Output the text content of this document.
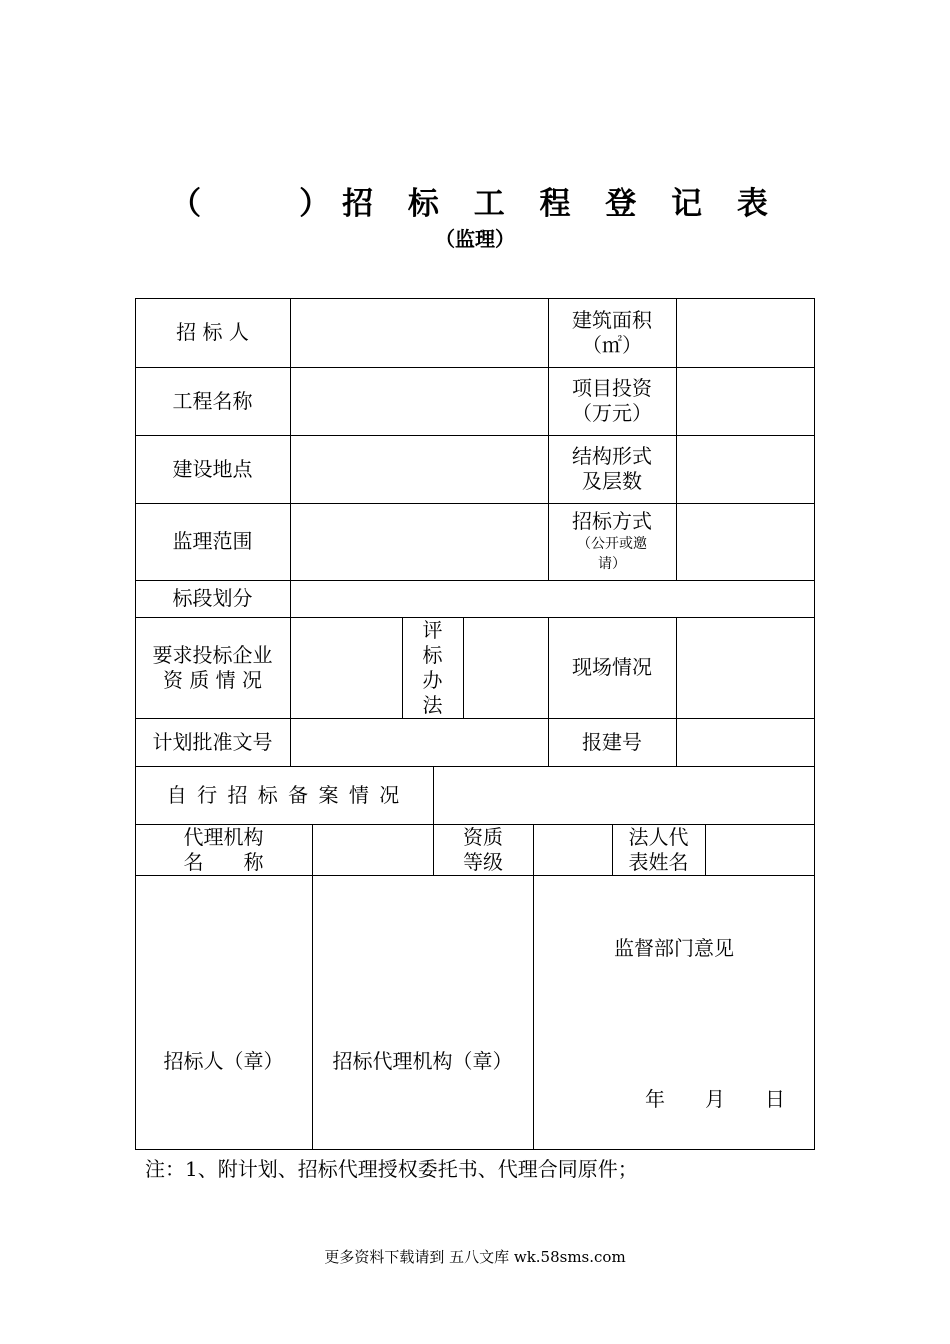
（　　）招 标 工 程 登 记 表
（监理）
招 标 人
建筑面积
（㎡）
工程名称
项目投资
（万元）
建设地点
结构形式
及层数
监理范围
招标方式
（公开或邀
请）
标段划分
要求投标企业
资 质 情 况
评
标
办
法
现场情况
计划批准文号	报建号
自 行 招 标 备 案 情 况
代理机构
名　　称
资质
等级
法人代
表姓名
招标人（章）	招标代理机构（章）
监督部门意见
年　　月　　日
注：1、附计划、招标代理授权委托书、代理合同原件；
更多资料下载请到 五八文库 wk.58sms.com
